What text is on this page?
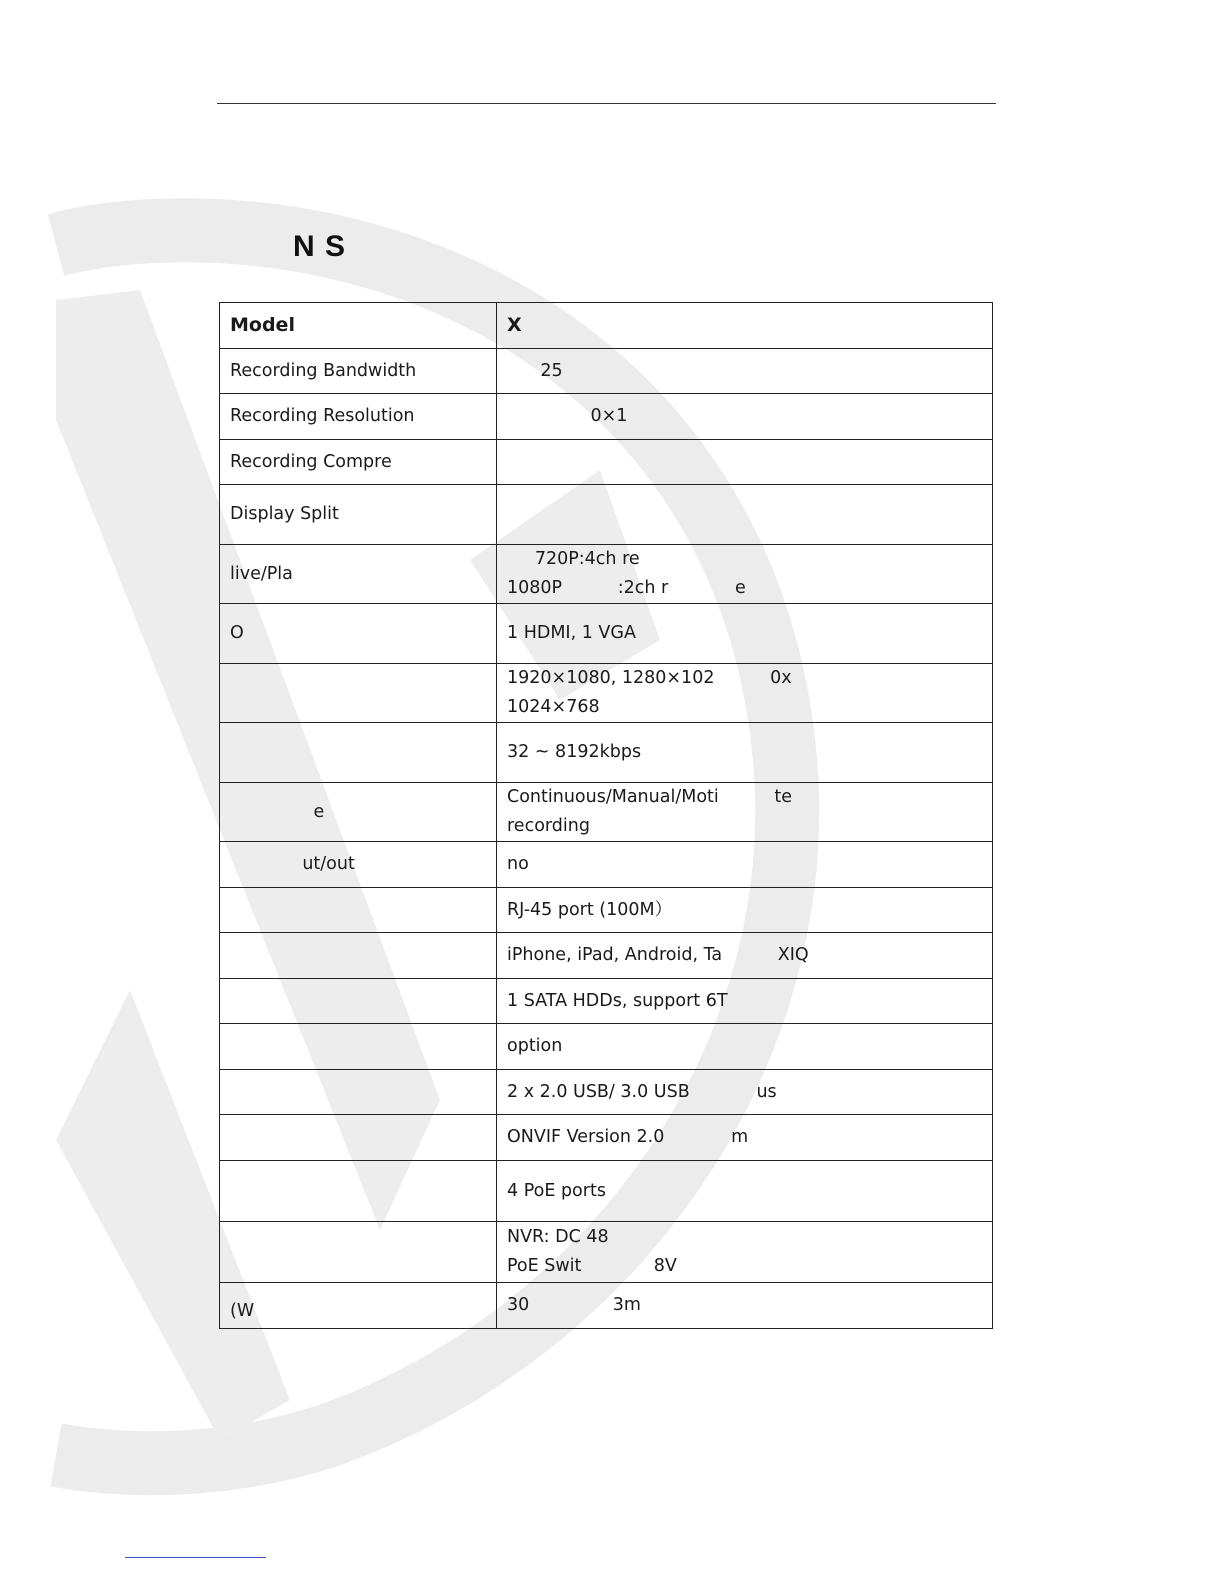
N S
Model	X
Recording Bandwidth	25

Recording Resolution	0×1

Recording Compre	

Display Split	

live/Pla	720P:4ch re
1080P          :2ch r            e

O	1 HDMI, 1 VGA

	1920×1080, 1280×102          0x
1024×768

	32 ~ 8192kbps

e	Continuous/Manual/Moti          te
recording

ut/out	no

	RJ-45 port (100M）

	iPhone, iPad, Android, Ta          XIQ

	1 SATA HDDs, support 6T

	option

	2 x 2.0 USB/ 3.0 USB            us

	ONVIF Version 2.0            m

	4 PoE ports

	NVR: DC 48
PoE Swit             8V

(W	30               3m
